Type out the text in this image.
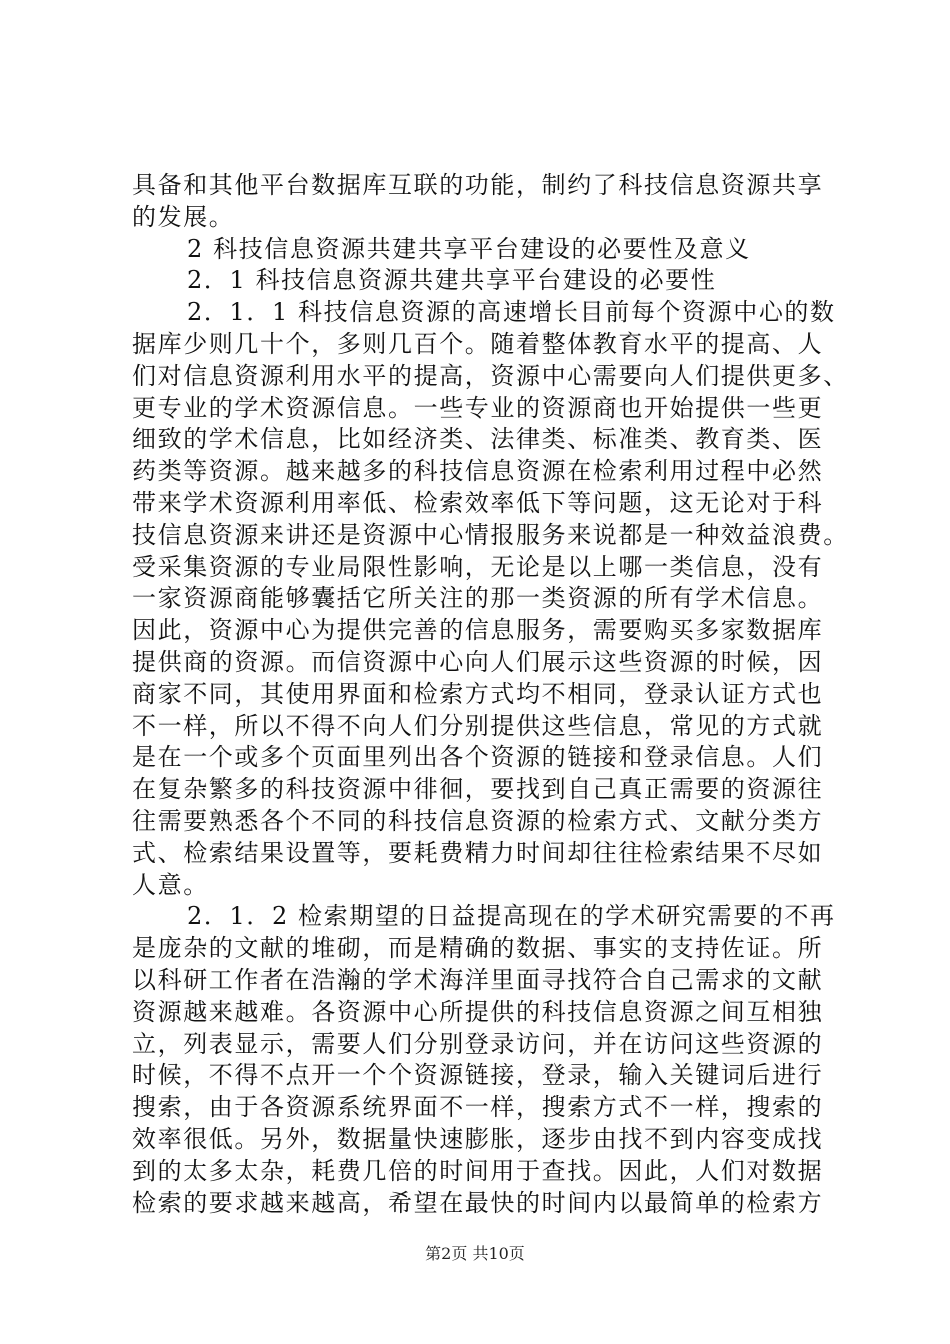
具备和其他平台数据库互联的功能，制约了科技信息资源共享
的发展。
2 科技信息资源共建共享平台建设的必要性及意义
2．1 科技信息资源共建共享平台建设的必要性
2．1．1 科技信息资源的高速增长目前每个资源中心的数
据库少则几十个，多则几百个。随着整体教育水平的提高、人
们对信息资源利用水平的提高，资源中心需要向人们提供更多、
更专业的学术资源信息。一些专业的资源商也开始提供一些更
细致的学术信息，比如经济类、法律类、标准类、教育类、医
药类等资源。越来越多的科技信息资源在检索利用过程中必然
带来学术资源利用率低、检索效率低下等问题，这无论对于科
技信息资源来讲还是资源中心情报服务来说都是一种效益浪费。
受采集资源的专业局限性影响，无论是以上哪一类信息，没有
一家资源商能够囊括它所关注的那一类资源的所有学术信息。
因此，资源中心为提供完善的信息服务，需要购买多家数据库
提供商的资源。而信资源中心向人们展示这些资源的时候，因
商家不同，其使用界面和检索方式均不相同，登录认证方式也
不一样，所以不得不向人们分别提供这些信息，常见的方式就
是在一个或多个页面里列出各个资源的链接和登录信息。人们
在复杂繁多的科技资源中徘徊，要找到自己真正需要的资源往
往需要熟悉各个不同的科技信息资源的检索方式、文献分类方
式、检索结果设置等，要耗费精力时间却往往检索结果不尽如
人意。
2．1．2 检索期望的日益提高现在的学术研究需要的不再
是庞杂的文献的堆砌，而是精确的数据、事实的支持佐证。所
以科研工作者在浩瀚的学术海洋里面寻找符合自己需求的文献
资源越来越难。各资源中心所提供的科技信息资源之间互相独
立，列表显示，需要人们分别登录访问，并在访问这些资源的
时候，不得不点开一个个资源链接，登录，输入关键词后进行
搜索，由于各资源系统界面不一样，搜索方式不一样，搜索的
效率很低。另外，数据量快速膨胀，逐步由找不到内容变成找
到的太多太杂，耗费几倍的时间用于查找。因此，人们对数据
检索的要求越来越高，希望在最快的时间内以最简单的检索方
第2页 共10页
